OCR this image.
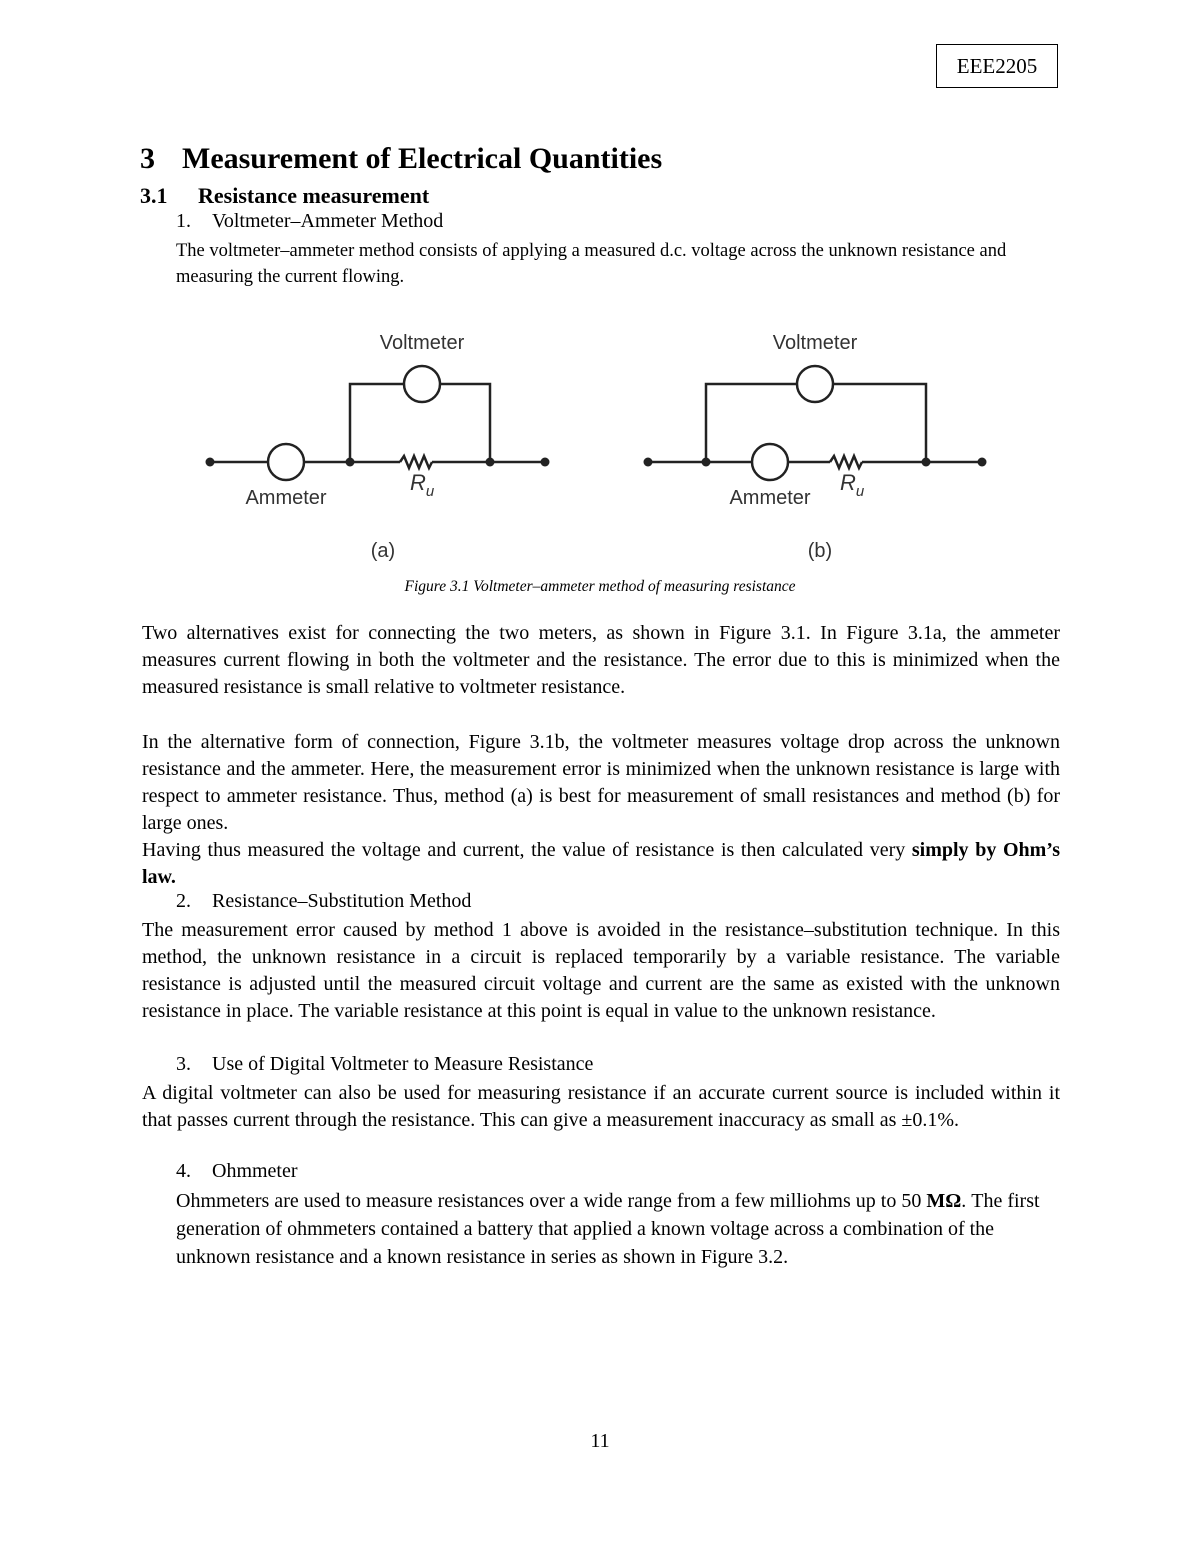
EEE2205
3 Measurement of Electrical Quantities
3.1 Resistance measurement
1. Voltmeter–Ammeter Method

The voltmeter–ammeter method consists of applying a measured d.c. voltage across the unknown resistance and measuring the current flowing.

Voltmeter
Ammeter
$R_u$
(a)
Voltmeter
Ammeter
$R_u$
(b)
Figure 3.1 Voltmeter–ammeter method of measuring resistance

Two alternatives exist for connecting the two meters, as shown in Figure 3.1. In Figure 3.1a, the ammeter measures current flowing in both the voltmeter and the resistance. The error due to this is minimized when the measured resistance is small relative to voltmeter resistance.

In the alternative form of connection, Figure 3.1b, the voltmeter measures voltage drop across the unknown resistance and the ammeter. Here, the measurement error is minimized when the unknown resistance is large with respect to ammeter resistance. Thus, method (a) is best for measurement of small resistances and method (b) for large ones.

Having thus measured the voltage and current, the value of resistance is then calculated very simply by Ohm’s law.

2. Resistance–Substitution Method

The measurement error caused by method 1 above is avoided in the resistance–substitution technique. In this method, the unknown resistance in a circuit is replaced temporarily by a variable resistance. The variable resistance is adjusted until the measured circuit voltage and current are the same as existed with the unknown resistance in place. The variable resistance at this point is equal in value to the unknown resistance.

3. Use of Digital Voltmeter to Measure Resistance

A digital voltmeter can also be used for measuring resistance if an accurate current source is included within it that passes current through the resistance. This can give a measurement inaccuracy as small as ±0.1%.

4. Ohmmeter

Ohmmeters are used to measure resistances over a wide range from a few milliohms up to 50 MΩ. The first generation of ohmmeters contained a battery that applied a known voltage across a combination of the unknown resistance and a known resistance in series as shown in Figure 3.2.

11
